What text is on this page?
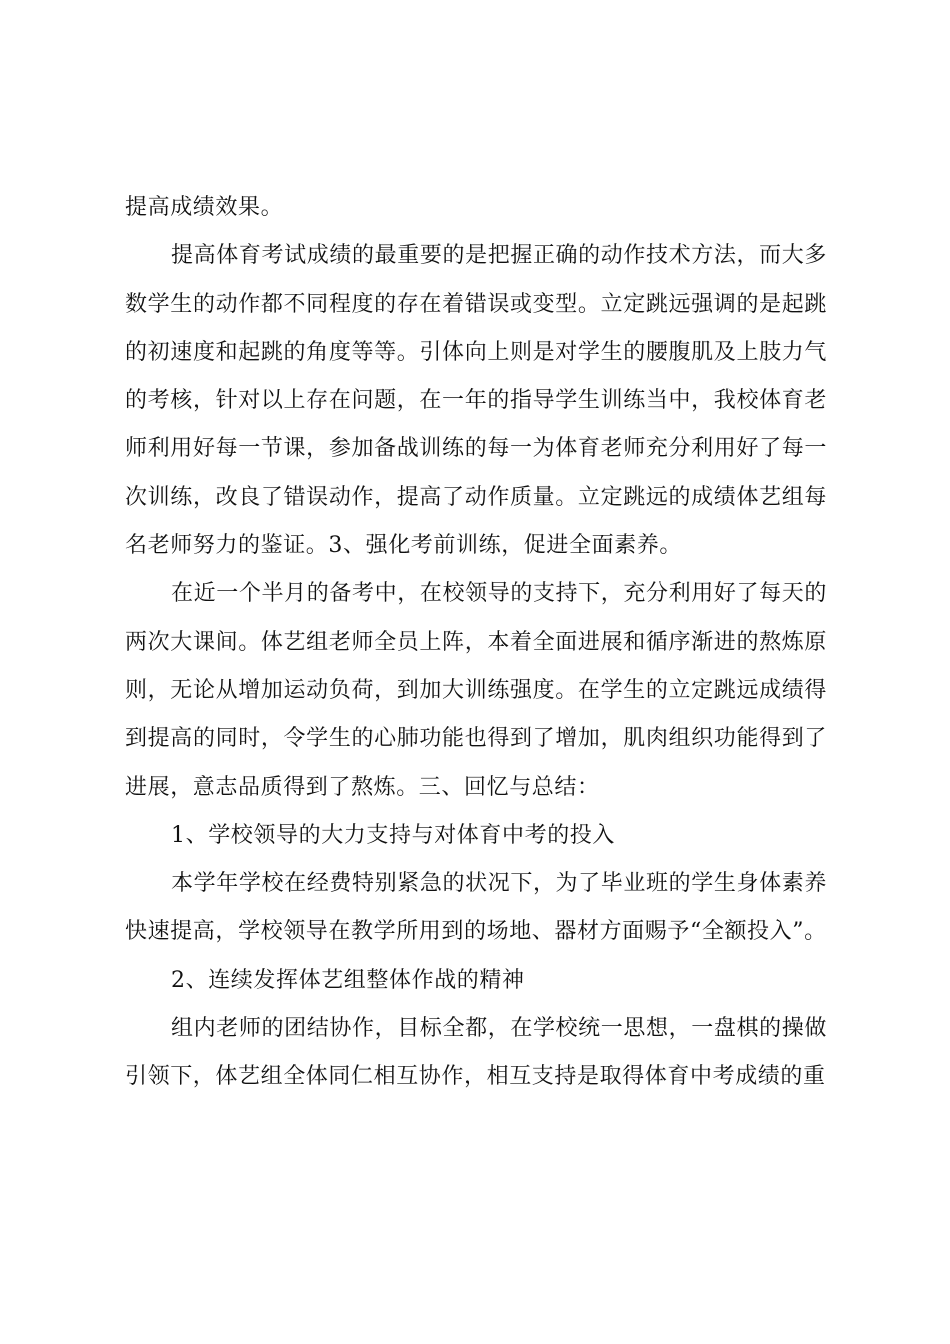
提高成绩效果。

提高体育考试成绩的最重要的是把握正确的动作技术方法，而大多数学生的动作都不同程度的存在着错误或变型。立定跳远强调的是起跳的初速度和起跳的角度等等。引体向上则是对学生的腰腹肌及上肢力气的考核，针对以上存在问题，在一年的指导学生训练当中，我校体育老师利用好每一节课，参加备战训练的每一为体育老师充分利用好了每一次训练，改良了错误动作，提高了动作质量。立定跳远的成绩体艺组每名老师努力的鉴证。3、强化考前训练，促进全面素养。

在近一个半月的备考中，在校领导的支持下，充分利用好了每天的两次大课间。体艺组老师全员上阵，本着全面进展和循序渐进的熬炼原则，无论从增加运动负荷，到加大训练强度。在学生的立定跳远成绩得到提高的同时，令学生的心肺功能也得到了增加，肌肉组织功能得到了进展，意志品质得到了熬炼。三、回忆与总结：

1、学校领导的大力支持与对体育中考的投入

本学年学校在经费特别紧急的状况下，为了毕业班的学生身体素养快速提高，学校领导在教学所用到的场地、器材方面赐予“全额投入”。

2、连续发挥体艺组整体作战的精神

组内老师的团结协作，目标全都，在学校统一思想，一盘棋的操做引领下，体艺组全体同仁相互协作，相互支持是取得体育中考成绩的重
